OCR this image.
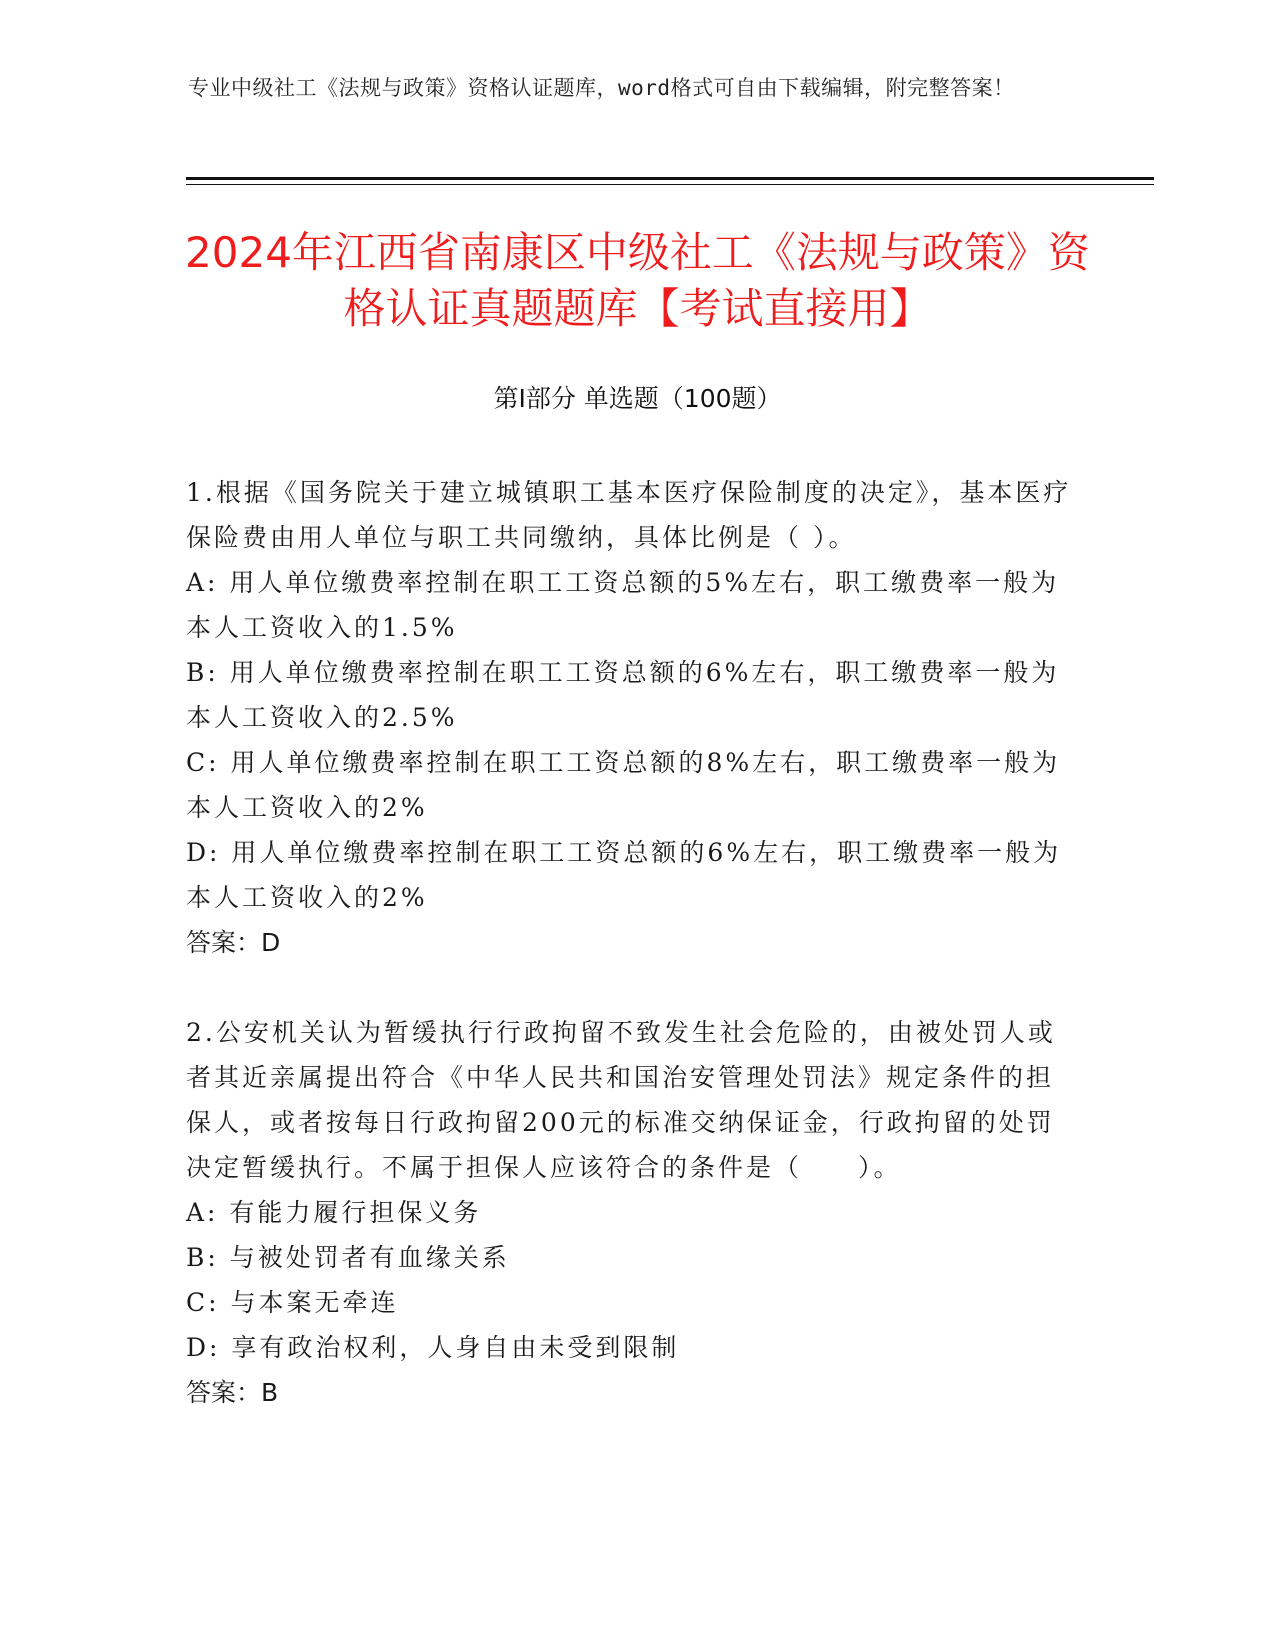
专业中级社工《法规与政策》资格认证题库，word格式可自由下载编辑，附完整答案！
2024年江西省南康区中级社工《法规与政策》资格认证真题题库【考试直接用】
第Ⅰ部分 单选题（100题）

1.根据《国务院关于建立城镇职工基本医疗保险制度的决定》，基本医疗保险费由用人单位与职工共同缴纳，具体比例是（ ）。

A: 用人单位缴费率控制在职工工资总额的5%左右，职工缴费率一般为本人工资收入的1.5%

B: 用人单位缴费率控制在职工工资总额的6%左右，职工缴费率一般为本人工资收入的2.5%

C: 用人单位缴费率控制在职工工资总额的8%左右，职工缴费率一般为本人工资收入的2%

D: 用人单位缴费率控制在职工工资总额的6%左右，职工缴费率一般为本人工资收入的2%

答案：D

2.公安机关认为暂缓执行行政拘留不致发生社会危险的，由被处罚人或者其近亲属提出符合《中华人民共和国治安管理处罚法》规定条件的担保人，或者按每日行政拘留200元的标准交纳保证金，行政拘留的处罚决定暂缓执行。不属于担保人应该符合的条件是（　　）。

A: 有能力履行担保义务

B: 与被处罚者有血缘关系

C: 与本案无牵连

D: 享有政治权利，人身自由未受到限制

答案：B
